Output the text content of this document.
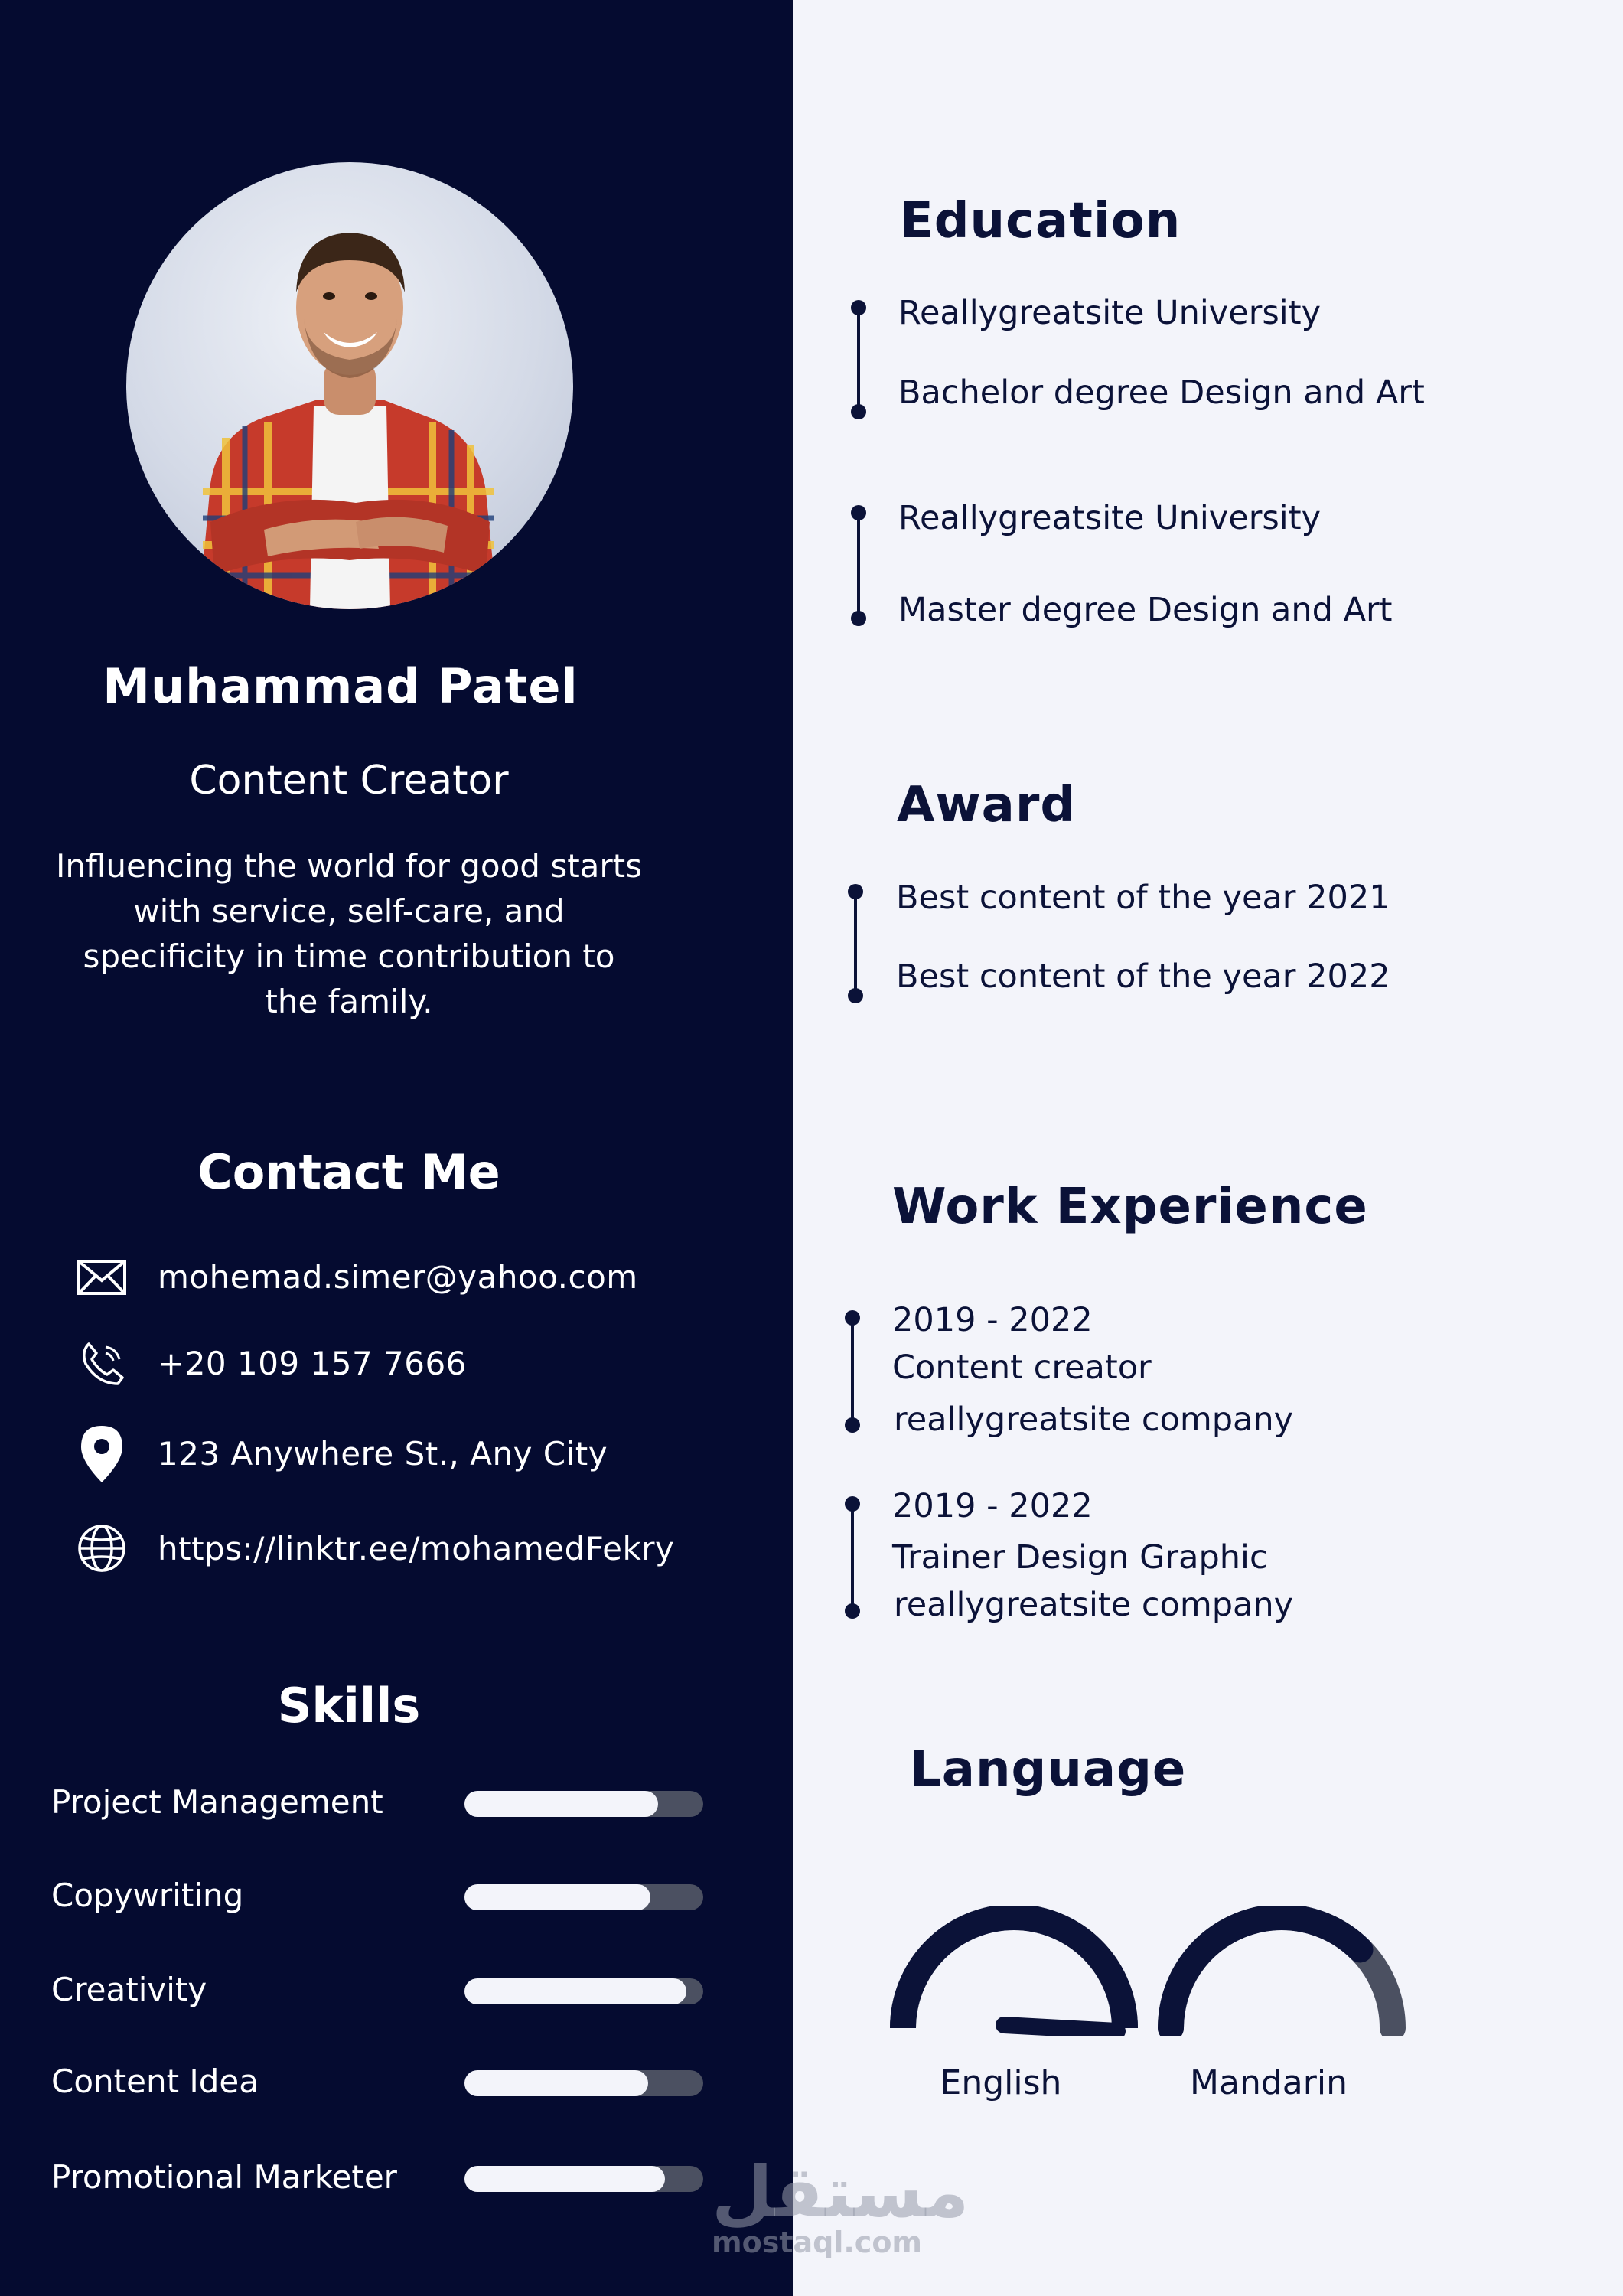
Muhammad Patel
Content Creator
Influencing the world for good starts with service, self-care, and specificity in time contribution to the family.
Contact Me
mohemad.simer@yahoo.com
+20 109 157 7666
123 Anywhere St., Any City
https://linktr.ee/mohamedFekry
Skills
Project Management
Copywriting
Creativity
Content Idea
Promotional Marketer
Education
Reallygreatsite University
Bachelor degree Design and Art
Reallygreatsite University
Master degree Design and Art
Award
Best content of the year 2021
Best content of the year 2022
Work Experience
2019 - 2022
Content creator
reallygreatsite company
2019 - 2022
Trainer Design Graphic
reallygreatsite company
Language
English	Mandarin
مستقل
mostaql.com
